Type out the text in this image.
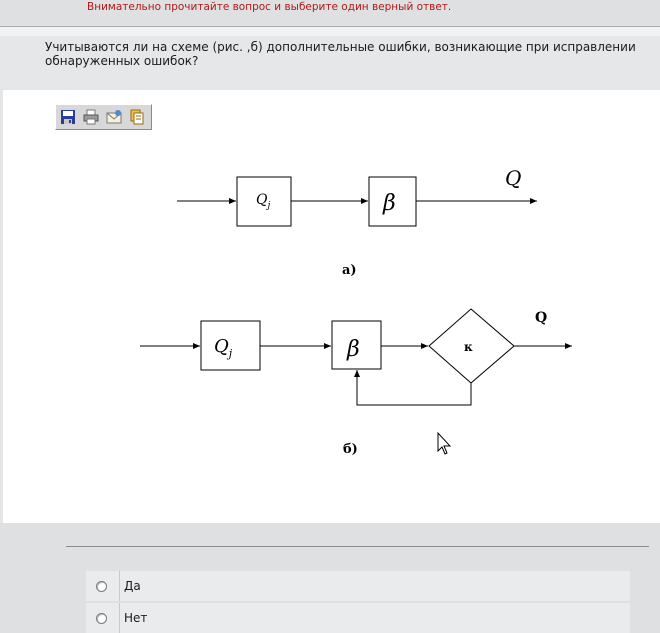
Внимательно прочитайте вопрос и выберите один верный ответ.
Учитываются ли на схеме (рис. ,б) дополнительные ошибки, возникающие при исправлении обнаруженных ошибок?
$Q_j$	β
Q
а)
$Q_j$	β	к
Q
б)
Да
Нет
